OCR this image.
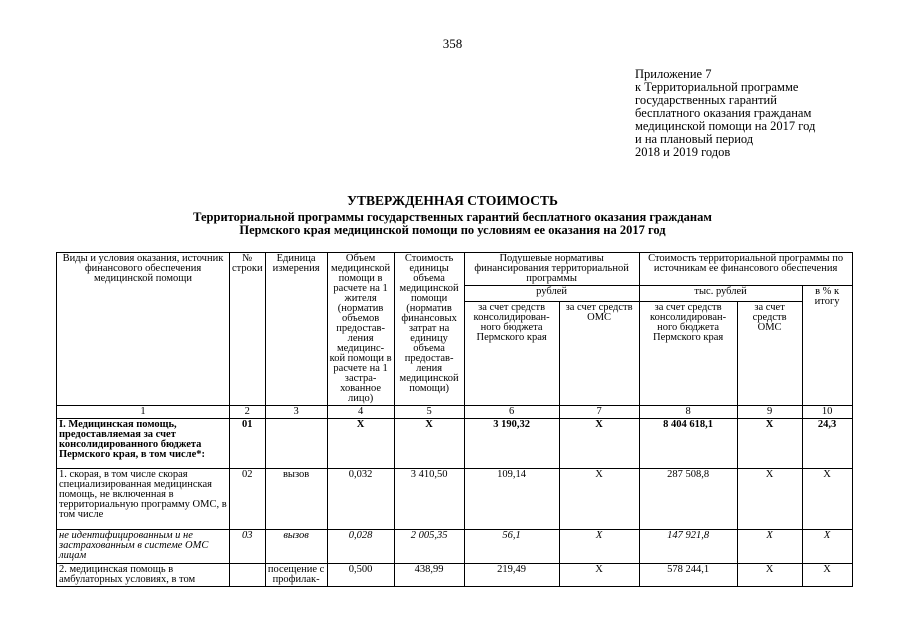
358
Приложение 7
к Территориальной программе
государственных гарантий
бесплатного оказания гражданам
медицинской помощи на 2017 год
и на плановый период
2018 и 2019 годов
УТВЕРЖДЕННАЯ СТОИМОСТЬ
Территориальной программы государственных гарантий бесплатного оказания гражданам
Пермского края медицинской помощи по условиям ее оказания на 2017 год
Виды и условия оказания, источник финансового обеспечения медицинской помощи	№ строки	Единица измерения	Объем медицинской помощи в расчете на 1 жителя (норматив объемов предостав-ления медицинс-кой помощи в расчете на 1 застра-хованное лицо)	Стоимость единицы объема медицинской помощи (норматив финансовых затрат на единицу объема предостав-ления медицинской помощи)	Подушевые нормативы финансирования территориальной программы		Стоимость территориальной программы по источникам ее финансового обеспечения		
					рублей		тыс. рублей		в % к итогу
					за счет средств консолидирован-ного бюджета Пермского края	за счет средств ОМС	за счет средств консолидирован-ного бюджета Пермского края	за счет средств ОМС	
1	2	3	4	5	6	7	8	9	10
I. Медицинская помощь, предоставляемая за счет консолидированного бюджета Пермского края, в том числе*:	01		Х	Х	3 190,32	Х	8 404 618,1	Х	24,3
1. скорая, в том числе скорая специализированная медицинская помощь, не включенная в территориальную программу ОМС, в том числе	02	вызов	0,032	3 410,50	109,14	Х	287 508,8	Х	Х
не идентифицированным и не застрахованным в системе ОМС лицам	03	вызов	0,028	2 005,35	56,1	Х	147 921,8	Х	Х
2. медицинская помощь в амбулаторных условиях, в том		посещение с профилак-	0,500	438,99	219,49	Х	578 244,1	Х	Х
